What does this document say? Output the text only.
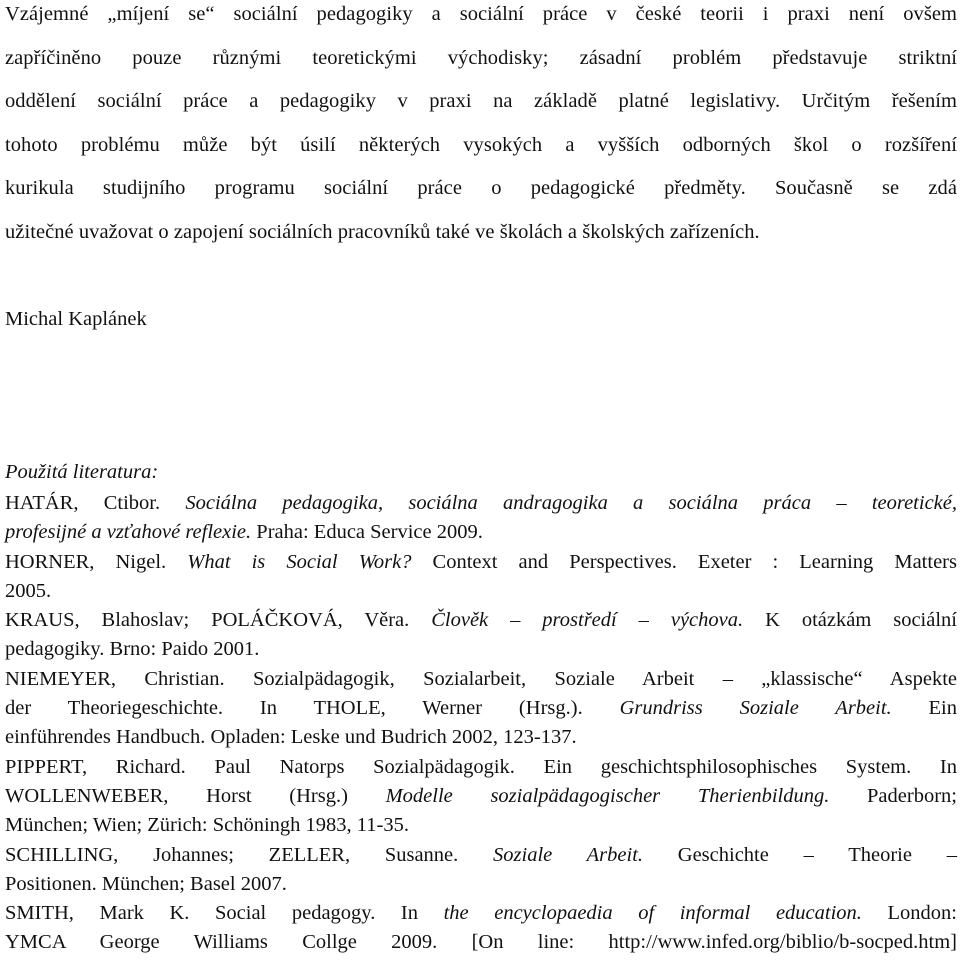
Vzájemné „míjení se“ sociální pedagogiky a sociální práce v české teorii i praxi není ovšem
zapříčiněno pouze různými teoretickými východisky; zásadní problém představuje striktní
oddělení sociální práce a pedagogiky v praxi na základě platné legislativy. Určitým řešením
tohoto problému může být úsilí některých vysokých a vyšších odborných škol o rozšíření
kurikula studijního programu sociální práce o pedagogické předměty. Současně se zdá
užitečné uvažovat o zapojení sociálních pracovníků také ve školách a školských zařízeních.

Michal Kaplánek
Použitá literatura:
HATÁR, Ctibor. Sociálna pedagogika, sociálna andragogika a sociálna práca – teoretické,
profesijné a vzťahové reflexie. Praha: Educa Service 2009.
HORNER, Nigel. What is Social Work? Context and Perspectives. Exeter : Learning Matters
2005.
KRAUS, Blahoslav; POLÁČKOVÁ, Věra. Člověk – prostředí – výchova. K otázkám sociální
pedagogiky. Brno: Paido 2001.
NIEMEYER, Christian. Sozialpädagogik, Sozialarbeit, Soziale Arbeit – „klassische“ Aspekte
der Theoriegeschichte. In THOLE, Werner (Hrsg.). Grundriss Soziale Arbeit. Ein
einführendes Handbuch. Opladen: Leske und Budrich 2002, 123-137.
PIPPERT, Richard. Paul Natorps Sozialpädagogik. Ein geschichtsphilosophisches System. In
WOLLENWEBER, Horst (Hrsg.) Modelle sozialpädagogischer Therienbildung. Paderborn;
München; Wien; Zürich: Schöningh 1983, 11-35.
SCHILLING, Johannes; ZELLER, Susanne. Soziale Arbeit. Geschichte – Theorie –
Positionen. München; Basel 2007.
SMITH, Mark K. Social pedagogy. In the encyclopaedia of informal education. London:
YMCA George Williams Collge 2009. [On line: http://www.infed.org/biblio/b-socped.htm]
